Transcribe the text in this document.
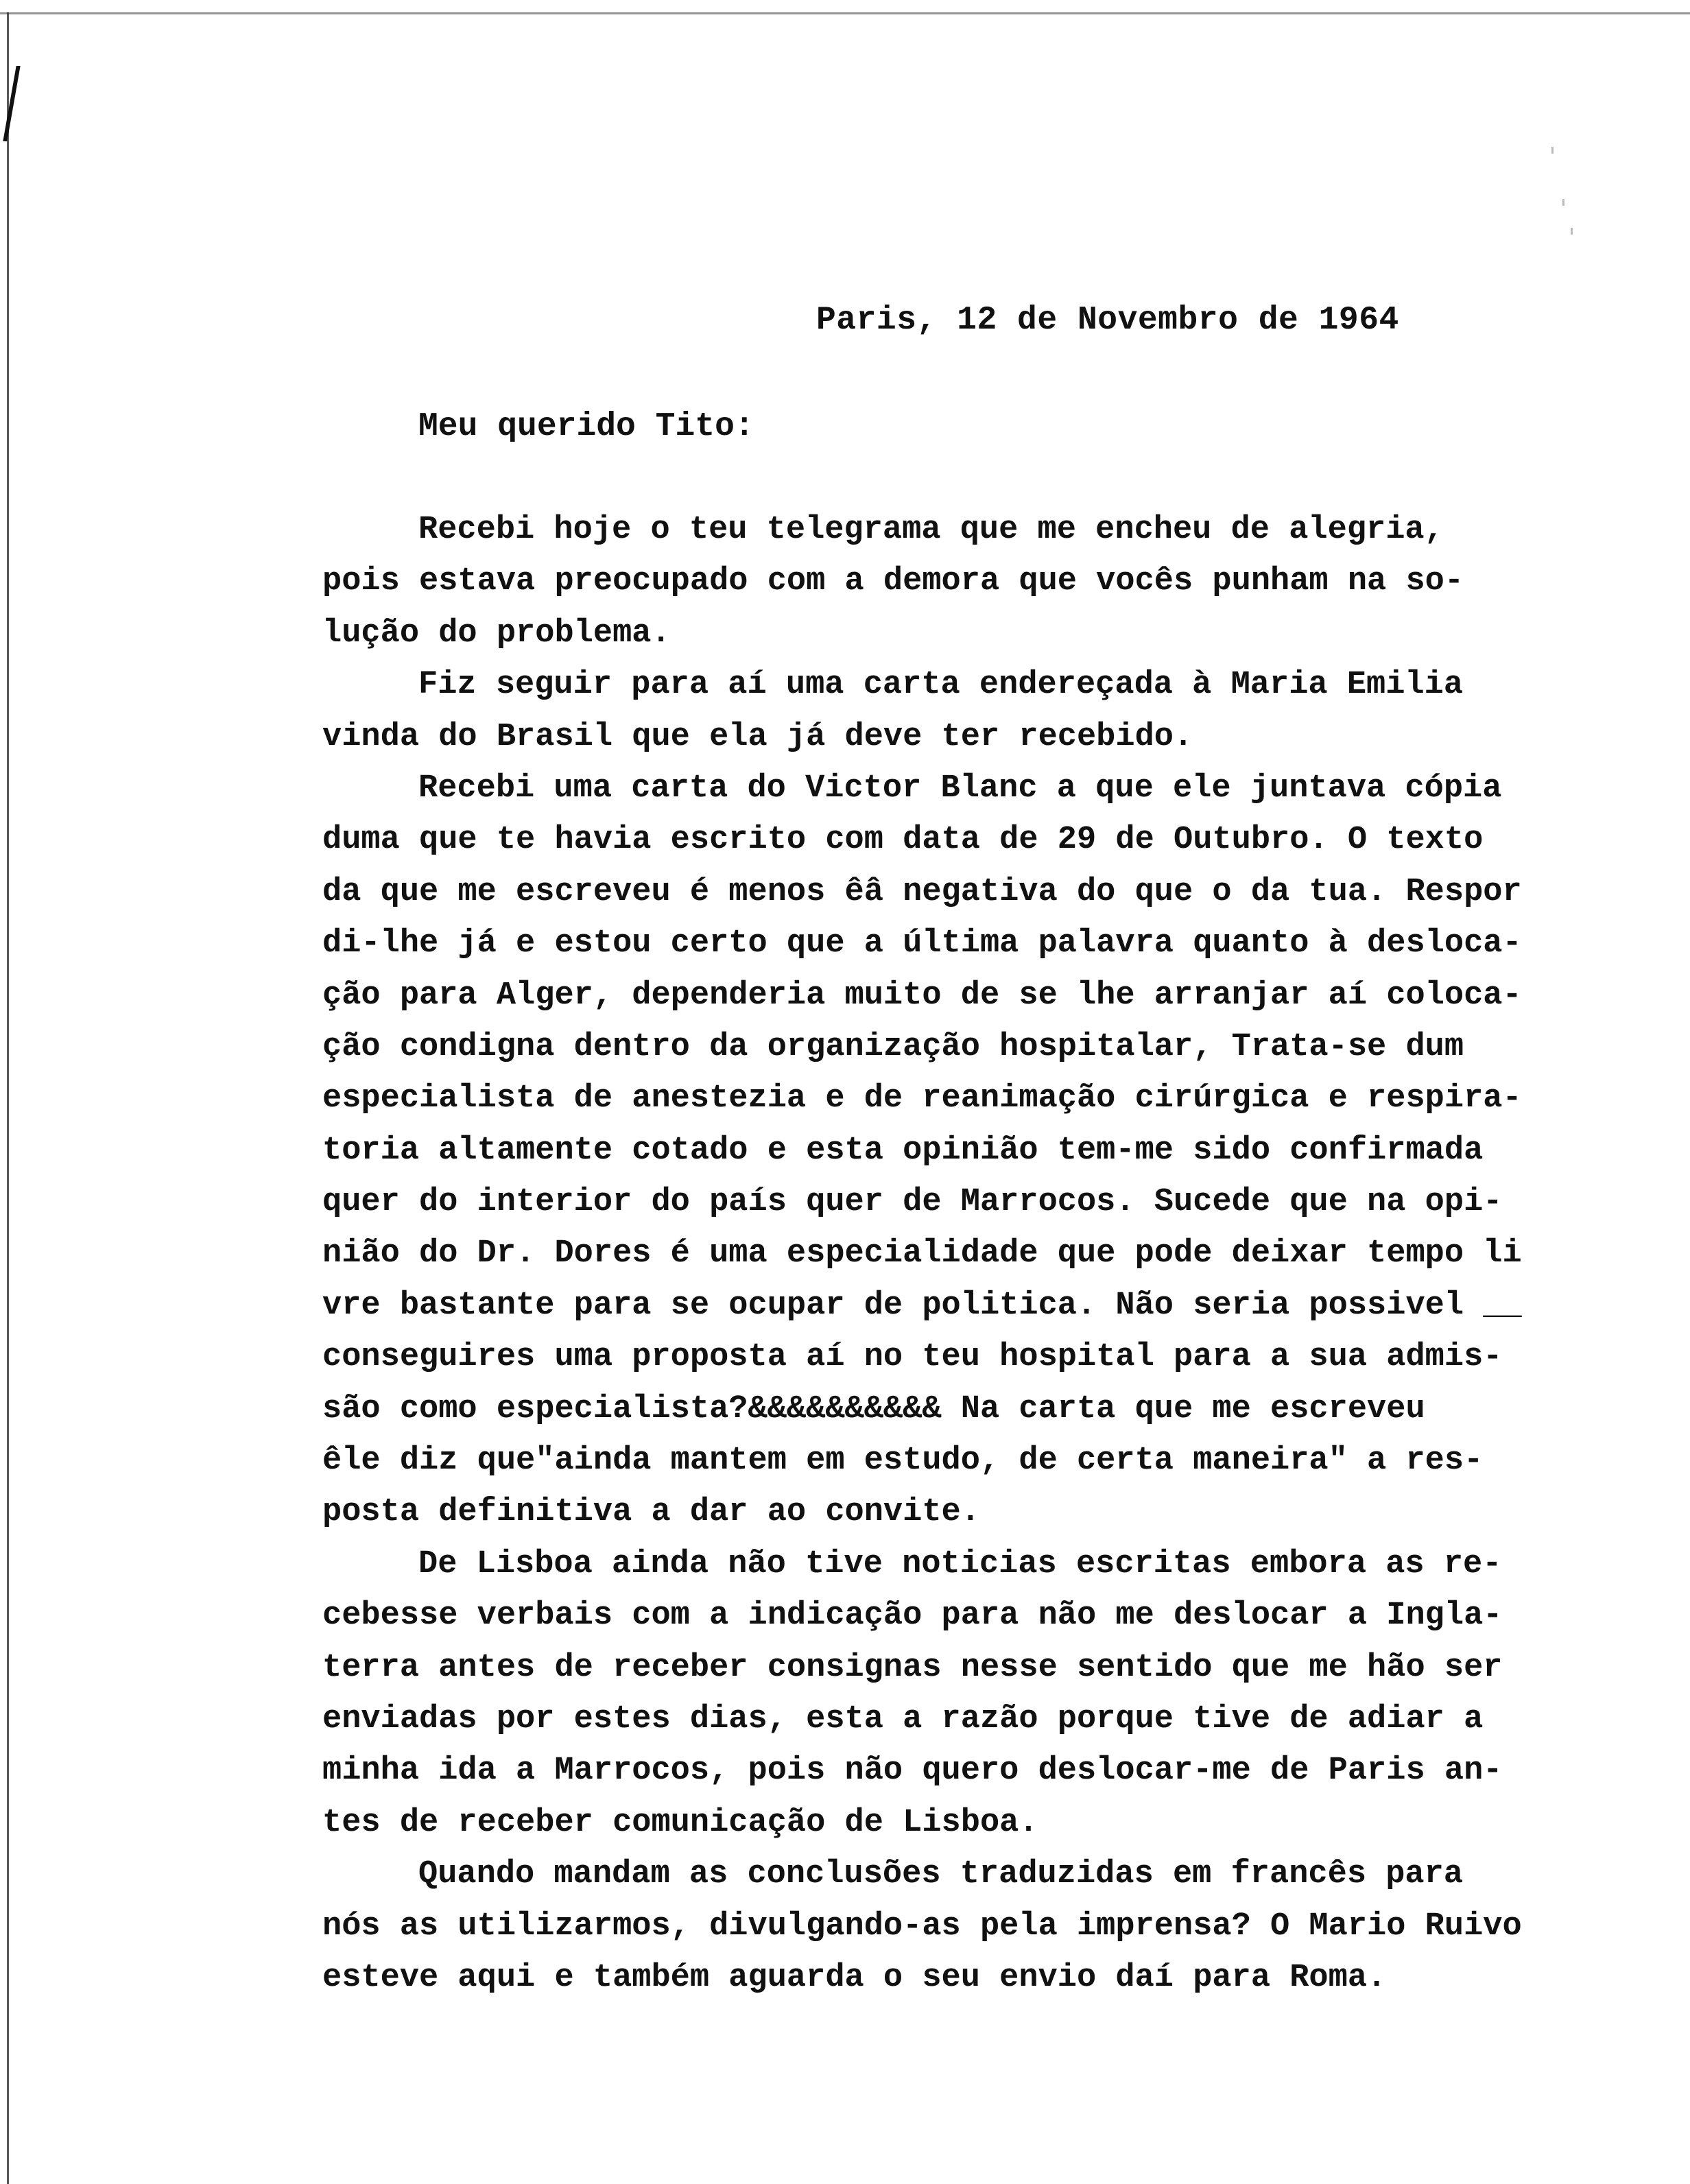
Paris, 12 de Novembro de 1964
Meu querido Tito:
Recebi hoje o teu telegrama que me encheu de alegria,
pois estava preocupado com a demora que vocês punham na so-
lução do problema.
Fiz seguir para aí uma carta endereçada à Maria Emilia
vinda do Brasil que ela já deve ter recebido.
Recebi uma carta do Victor Blanc a que ele juntava cópia
duma que te havia escrito com data de 29 de Outubro. O texto
da que me escreveu é menos êâ negativa do que o da tua. Respor
di-lhe já e estou certo que a última palavra quanto à desloca-
ção para Alger, dependeria muito de se lhe arranjar aí coloca-
ção condigna dentro da organização hospitalar, Trata-se dum
especialista de anestezia e de reanimação cirúrgica e respira-
toria altamente cotado e esta opinião tem-me sido confirmada
quer do interior do país quer de Marrocos. Sucede que na opi-
nião do Dr. Dores é uma especialidade que pode deixar tempo li
vre bastante para se ocupar de politica. Não seria possivel __
conseguires uma proposta aí no teu hospital para a sua admis-
são como especialista?&&&&&&&&&& Na carta que me escreveu
êle diz que"ainda mantem em estudo, de certa maneira" a res-
posta definitiva a dar ao convite.
De Lisboa ainda não tive noticias escritas embora as re-
cebesse verbais com a indicação para não me deslocar a Ingla-
terra antes de receber consignas nesse sentido que me hão ser
enviadas por estes dias, esta a razão porque tive de adiar a
minha ida a Marrocos, pois não quero deslocar-me de Paris an-
tes de receber comunicação de Lisboa.
Quando mandam as conclusões traduzidas em francês para
nós as utilizarmos, divulgando-as pela imprensa? O Mario Ruivo
esteve aqui e também aguarda o seu envio daí para Roma.
